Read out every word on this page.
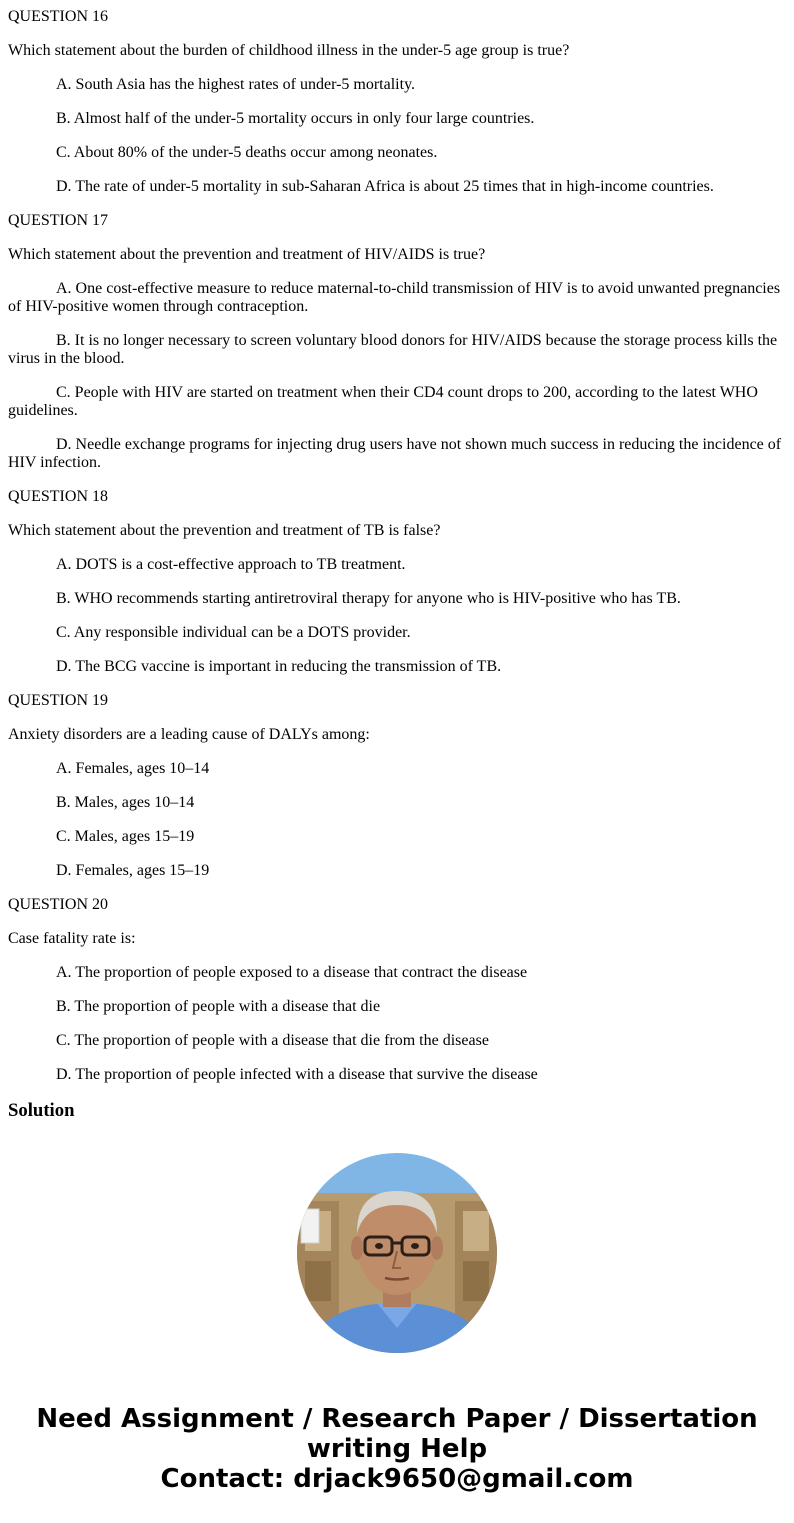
QUESTION 16

Which statement about the burden of childhood illness in the under-5 age group is true?

A. South Asia has the highest rates of under-5 mortality.

B. Almost half of the under-5 mortality occurs in only four large countries.

C. About 80% of the under-5 deaths occur among neonates.

D. The rate of under-5 mortality in sub-Saharan Africa is about 25 times that in high-income countries.

QUESTION 17

Which statement about the prevention and treatment of HIV/AIDS is true?

A. One cost-effective measure to reduce maternal-to-child transmission of HIV is to avoid unwanted pregnancies of HIV-positive women through contraception.

B. It is no longer necessary to screen voluntary blood donors for HIV/AIDS because the storage process kills the virus in the blood.

C. People with HIV are started on treatment when their CD4 count drops to 200, according to the latest WHO guidelines.

D. Needle exchange programs for injecting drug users have not shown much success in reducing the incidence of HIV infection.

QUESTION 18

Which statement about the prevention and treatment of TB is false?

A. DOTS is a cost-effective approach to TB treatment.

B. WHO recommends starting antiretroviral therapy for anyone who is HIV-positive who has TB.

C. Any responsible individual can be a DOTS provider.

D. The BCG vaccine is important in reducing the transmission of TB.

QUESTION 19

Anxiety disorders are a leading cause of DALYs among:

A. Females, ages 10–14

B. Males, ages 10–14

C. Males, ages 15–19

D. Females, ages 15–19

QUESTION 20

Case fatality rate is:

A. The proportion of people exposed to a disease that contract the disease

B. The proportion of people with a disease that die

C. The proportion of people with a disease that die from the disease

D. The proportion of people infected with a disease that survive the disease

Solution
Need Assignment / Research Paper / Dissertation
writing Help
Contact: drjack9650@gmail.com
